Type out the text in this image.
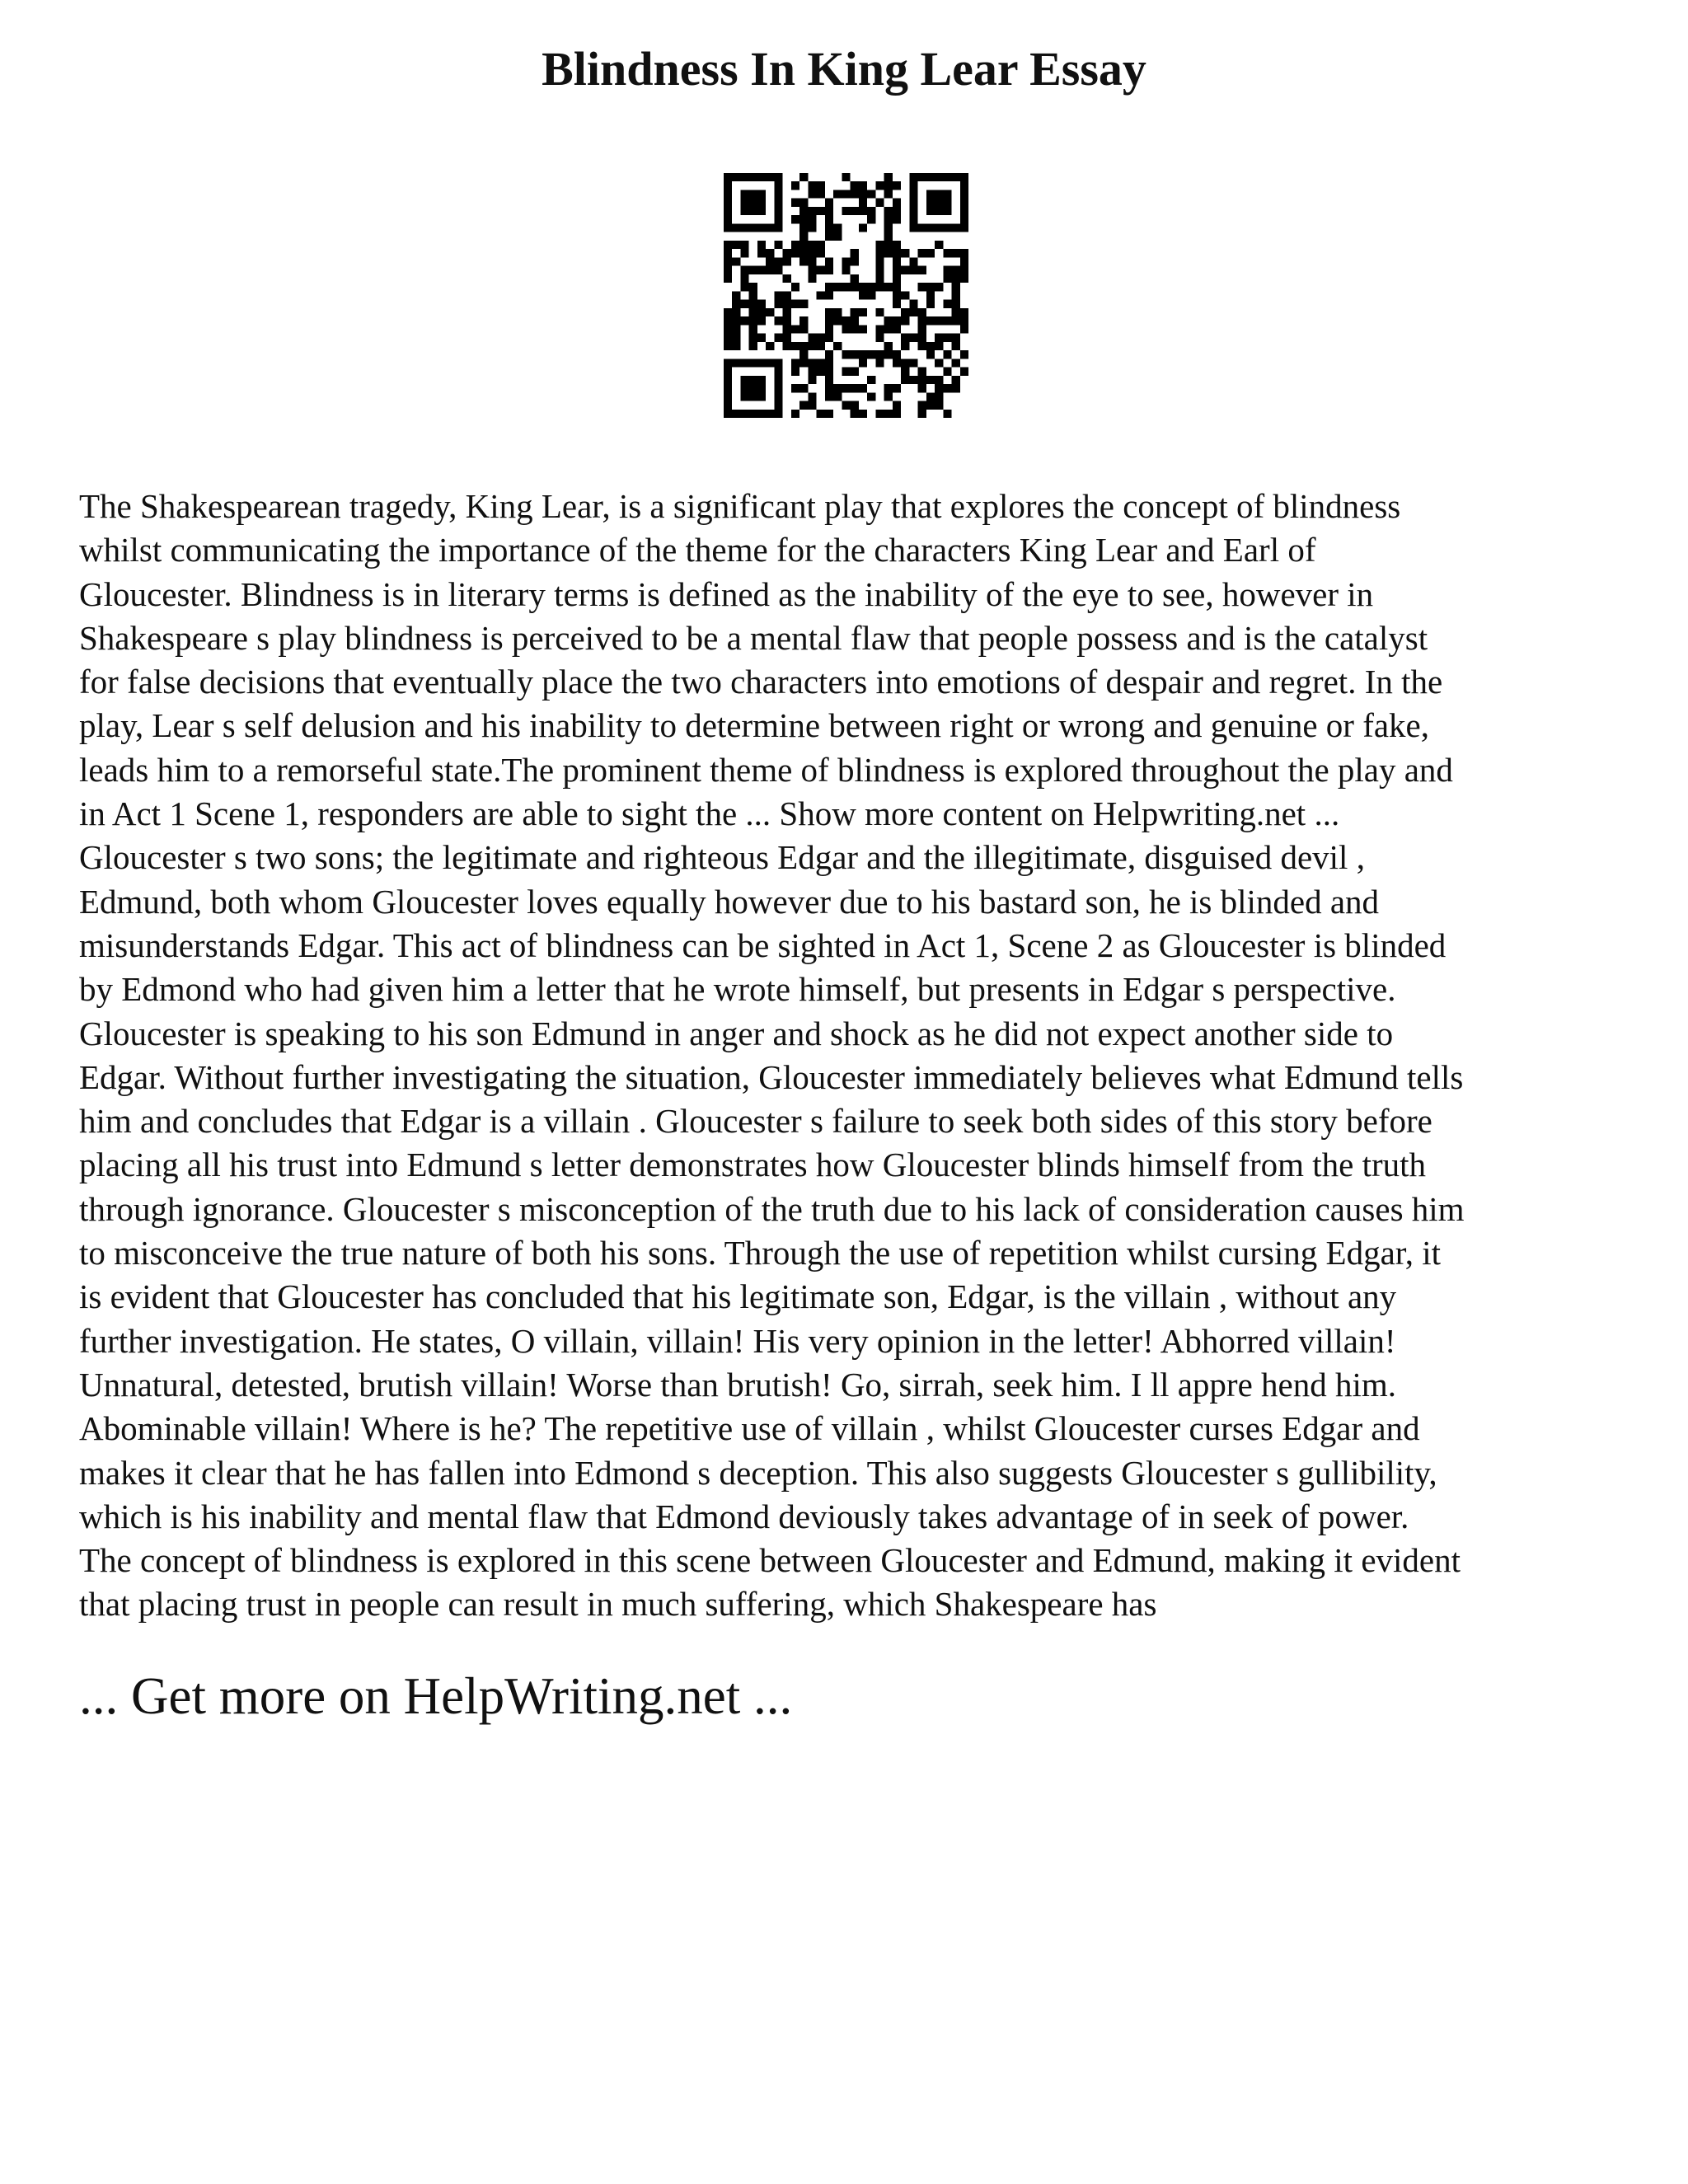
Blindness In King Lear Essay

The Shakespearean tragedy, King Lear, is a significant play that explores the concept of blindness
whilst communicating the importance of the theme for the characters King Lear and Earl of
Gloucester. Blindness is in literary terms is defined as the inability of the eye to see, however in
Shakespeare s play blindness is perceived to be a mental flaw that people possess and is the catalyst
for false decisions that eventually place the two characters into emotions of despair and regret. In the
play, Lear s self delusion and his inability to determine between right or wrong and genuine or fake,
leads him to a remorseful state.The prominent theme of blindness is explored throughout the play and
in Act 1 Scene 1, responders are able to sight the ... Show more content on Helpwriting.net ...
Gloucester s two sons; the legitimate and righteous Edgar and the illegitimate, disguised devil ,
Edmund, both whom Gloucester loves equally however due to his bastard son, he is blinded and
misunderstands Edgar. This act of blindness can be sighted in Act 1, Scene 2 as Gloucester is blinded
by Edmond who had given him a letter that he wrote himself, but presents in Edgar s perspective.
Gloucester is speaking to his son Edmund in anger and shock as he did not expect another side to
Edgar. Without further investigating the situation, Gloucester immediately believes what Edmund tells
him and concludes that Edgar is a villain . Gloucester s failure to seek both sides of this story before
placing all his trust into Edmund s letter demonstrates how Gloucester blinds himself from the truth
through ignorance. Gloucester s misconception of the truth due to his lack of consideration causes him
to misconceive the true nature of both his sons. Through the use of repetition whilst cursing Edgar, it
is evident that Gloucester has concluded that his legitimate son, Edgar, is the villain , without any
further investigation. He states, O villain, villain! His very opinion in the letter! Abhorred villain!
Unnatural, detested, brutish villain! Worse than brutish! Go, sirrah, seek him. I ll appre hend him.
Abominable villain! Where is he? The repetitive use of villain , whilst Gloucester curses Edgar and
makes it clear that he has fallen into Edmond s deception. This also suggests Gloucester s gullibility,
which is his inability and mental flaw that Edmond deviously takes advantage of in seek of power.
The concept of blindness is explored in this scene between Gloucester and Edmund, making it evident
that placing trust in people can result in much suffering, which Shakespeare has

... Get more on HelpWriting.net ...
